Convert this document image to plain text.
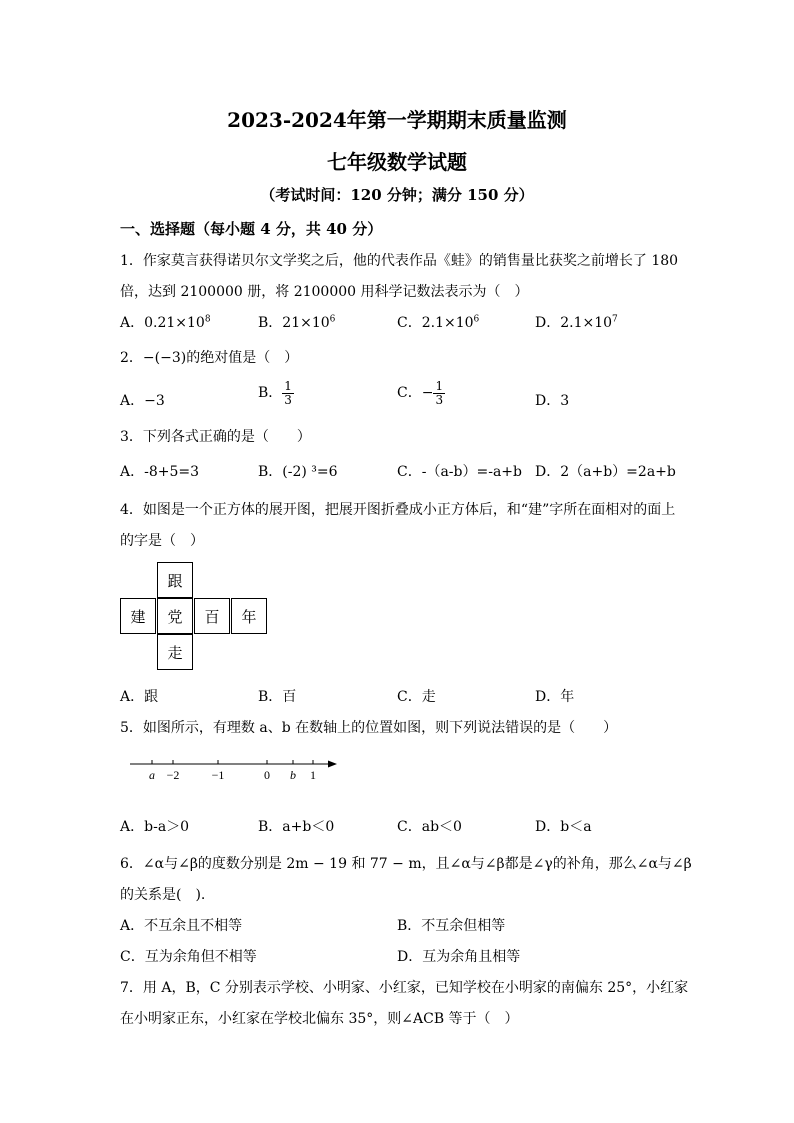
2023-2024年第一学期期末质量监测
七年级数学试题
（考试时间：120 分钟；满分 150 分）
一、选择题（每小题 4 分，共 40 分）
1．作家莫言获得诺贝尔文学奖之后，他的代表作品《蛙》的销售量比获奖之前增长了 180
倍，达到 2100000 册，将 2100000 用科学记数法表示为（　）
A．$0.21\times 10^8$	B．$21\times 10^6$	C．$2.1\times 10^6$	D．$2.1\times 10^7$
2．−(−3)的绝对值是（　）
A．−3	B． $\frac{1}{3}$	C．− $\frac{1}{3}$	D．3
3．下列各式正确的是（　　）
A．-8+5=3	B．(-2) ³=6	C．-（a-b）=-a+b D．2（a+b）=2a+b
4．如图是一个正方体的展开图，把展开图折叠成小正方体后，和“建”字所在面相对的面上
的字是（　）
跟
建	党	百	年
走
A．跟	B．百	C．走	D．年
5．如图所示，有理数 a、b 在数轴上的位置如图，则下列说法错误的是（　　）
a −2	−1	0 b 1
A．b-a＞0	B．a+b＜0	C．ab＜0	D．b＜a
6．∠α与∠β的度数分别是 2m − 19 和 77 − m，且∠α与∠β都是∠γ的补角，那么∠α与∠β
的关系是(　).
A．不互余且不相等	B．不互余但相等
C．互为余角但不相等	D．互为余角且相等
7．用 A，B，C 分别表示学校、小明家、小红家，已知学校在小明家的南偏东 25°，小红家
在小明家正东，小红家在学校北偏东 35°，则∠ACB 等于（　）
